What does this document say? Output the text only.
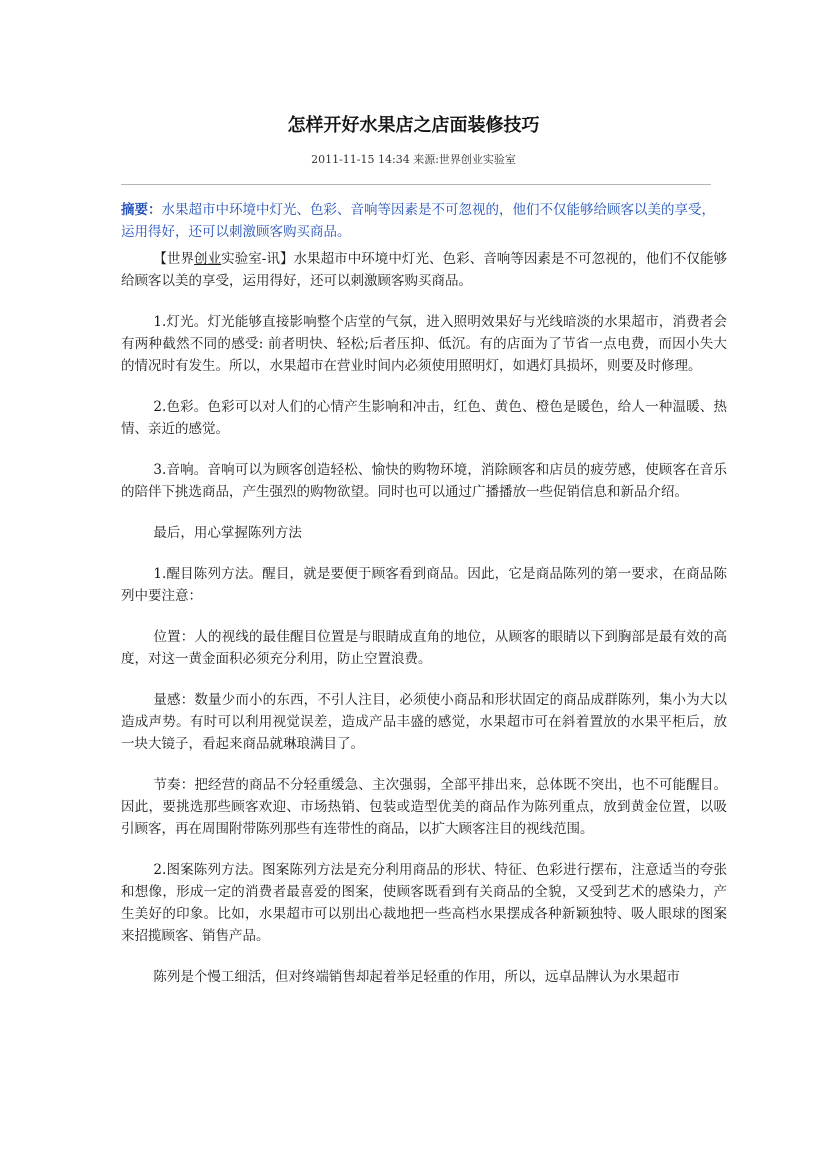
怎样开好水果店之店面装修技巧
2011-11-15 14:34 来源:世界创业实验室
摘要：水果超市中环境中灯光、色彩、音响等因素是不可忽视的，他们不仅能够给顾客以美的享受，运用得好，还可以刺激顾客购买商品。

【世界创业实验室-讯】水果超市中环境中灯光、色彩、音响等因素是不可忽视的，他们不仅能够给顾客以美的享受，运用得好，还可以刺激顾客购买商品。

1.灯光。灯光能够直接影响整个店堂的气氛，进入照明效果好与光线暗淡的水果超市，消费者会有两种截然不同的感受: 前者明快、轻松;后者压抑、低沉。有的店面为了节省一点电费，而因小失大的情况时有发生。所以，水果超市在营业时间内必须使用照明灯，如遇灯具损坏，则要及时修理。

2.色彩。色彩可以对人们的心情产生影响和冲击，红色、黄色、橙色是暖色，给人一种温暖、热情、亲近的感觉。

3.音响。音响可以为顾客创造轻松、愉快的购物环境，消除顾客和店员的疲劳感，使顾客在音乐的陪伴下挑选商品，产生强烈的购物欲望。同时也可以通过广播播放一些促销信息和新品介绍。

最后，用心掌握陈列方法

1.醒目陈列方法。醒目，就是要便于顾客看到商品。因此，它是商品陈列的第一要求，在商品陈列中要注意：

位置：人的视线的最佳醒目位置是与眼睛成直角的地位，从顾客的眼睛以下到胸部是最有效的高度，对这一黄金面积必须充分利用，防止空置浪费。

量感：数量少而小的东西，不引人注目，必须使小商品和形状固定的商品成群陈列，集小为大以造成声势。有时可以利用视觉误差，造成产品丰盛的感觉，水果超市可在斜着置放的水果平柜后，放一块大镜子，看起来商品就琳琅满目了。

节奏：把经营的商品不分轻重缓急、主次强弱，全部平排出来，总体既不突出，也不可能醒目。因此，要挑选那些顾客欢迎、市场热销、包装或造型优美的商品作为陈列重点，放到黄金位置，以吸引顾客，再在周围附带陈列那些有连带性的商品，以扩大顾客注目的视线范围。

2.图案陈列方法。图案陈列方法是充分利用商品的形状、特征、色彩进行摆布，注意适当的夸张和想像，形成一定的消费者最喜爱的图案，使顾客既看到有关商品的全貌，又受到艺术的感染力，产生美好的印象。比如，水果超市可以别出心裁地把一些高档水果摆成各种新颖独特、吸人眼球的图案来招揽顾客、销售产品。

陈列是个慢工细活，但对终端销售却起着举足轻重的作用，所以，远卓品牌认为水果超市
